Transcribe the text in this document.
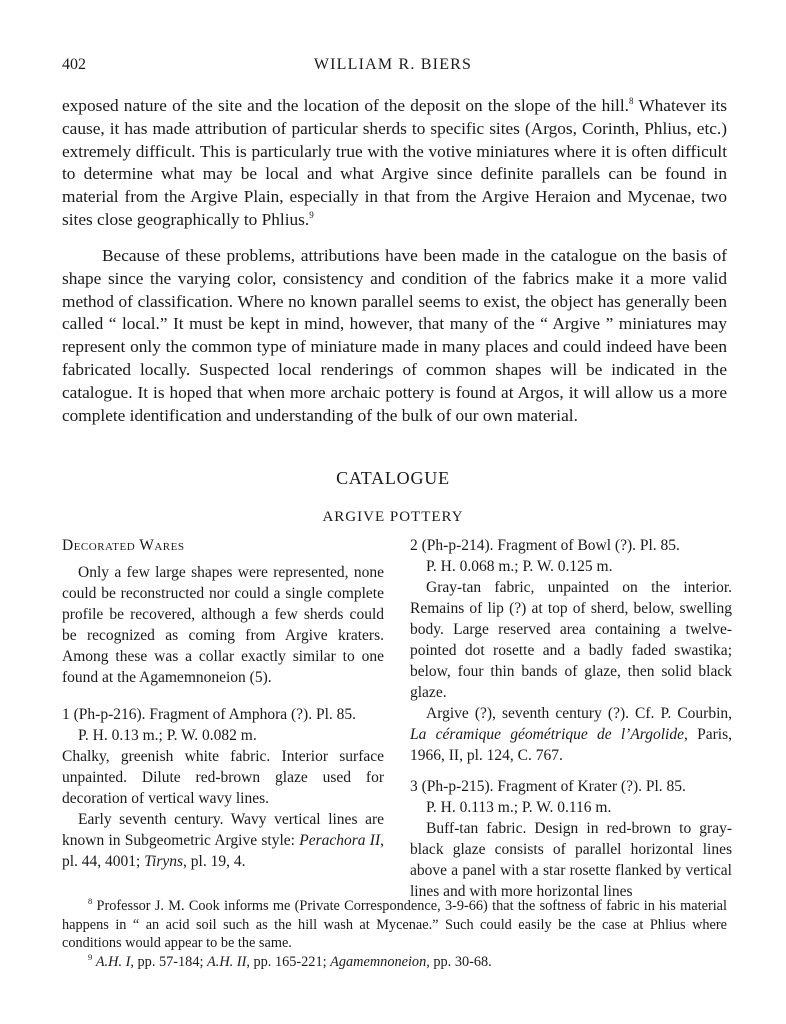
402	WILLIAM R. BIERS

exposed nature of the site and the location of the deposit on the slope of the hill.$^8$ Whatever its cause, it has made attribution of particular sherds to specific sites (Argos, Corinth, Phlius, etc.) extremely difficult. This is particularly true with the votive miniatures where it is often difficult to determine what may be local and what Argive since definite parallels can be found in material from the Argive Plain, especially in that from the Argive Heraion and Mycenae, two sites close geographically to Phlius.$^9$

Because of these problems, attributions have been made in the catalogue on the basis of shape since the varying color, consistency and condition of the fabrics make it a more valid method of classification. Where no known parallel seems to exist, the object has generally been called “ local.” It must be kept in mind, however, that many of the “ Argive ” miniatures may represent only the common type of miniature made in many places and could indeed have been fabricated locally. Suspected local renderings of common shapes will be indicated in the catalogue. It is hoped that when more archaic pottery is found at Argos, it will allow us a more complete identification and understanding of the bulk of our own material.

CATALOGUE
ARGIVE POTTERY

Decorated Wares

Only a few large shapes were represented, none could be reconstructed nor could a single complete profile be recovered, although a few sherds could be recognized as coming from Argive kraters. Among these was a collar exactly similar to one found at the Agamemnoneion (5).

1 (Ph-p-216). Fragment of Amphora (?). Pl. 85.

P. H. 0.13 m.; P. W. 0.082 m.

Chalky, greenish white fabric. Interior surface unpainted. Dilute red-brown glaze used for decoration of vertical wavy lines.

Early seventh century. Wavy vertical lines are known in Subgeometric Argive style: Perachora II, pl. 44, 4001; Tiryns, pl. 19, 4.

2 (Ph-p-214). Fragment of Bowl (?). Pl. 85.

P. H. 0.068 m.; P. W. 0.125 m.

Gray-tan fabric, unpainted on the interior. Remains of lip (?) at top of sherd, below, swelling body. Large reserved area containing a twelve-pointed dot rosette and a badly faded swastika; below, four thin bands of glaze, then solid black glaze.

Argive (?), seventh century (?). Cf. P. Courbin, La céramique géométrique de l’Argolide, Paris, 1966, II, pl. 124, C. 767.

3 (Ph-p-215). Fragment of Krater (?). Pl. 85.

P. H. 0.113 m.; P. W. 0.116 m.

Buff-tan fabric. Design in red-brown to gray-black glaze consists of parallel horizontal lines above a panel with a star rosette flanked by vertical lines and with more horizontal lines

$^8$ Professor J. M. Cook informs me (Private Correspondence, 3-9-66) that the softness of fabric in his material happens in “ an acid soil such as the hill wash at Mycenae.” Such could easily be the case at Phlius where conditions would appear to be the same.

$^9$ A.H. I, pp. 57-184; A.H. II, pp. 165-221; Agamemnoneion, pp. 30-68.
